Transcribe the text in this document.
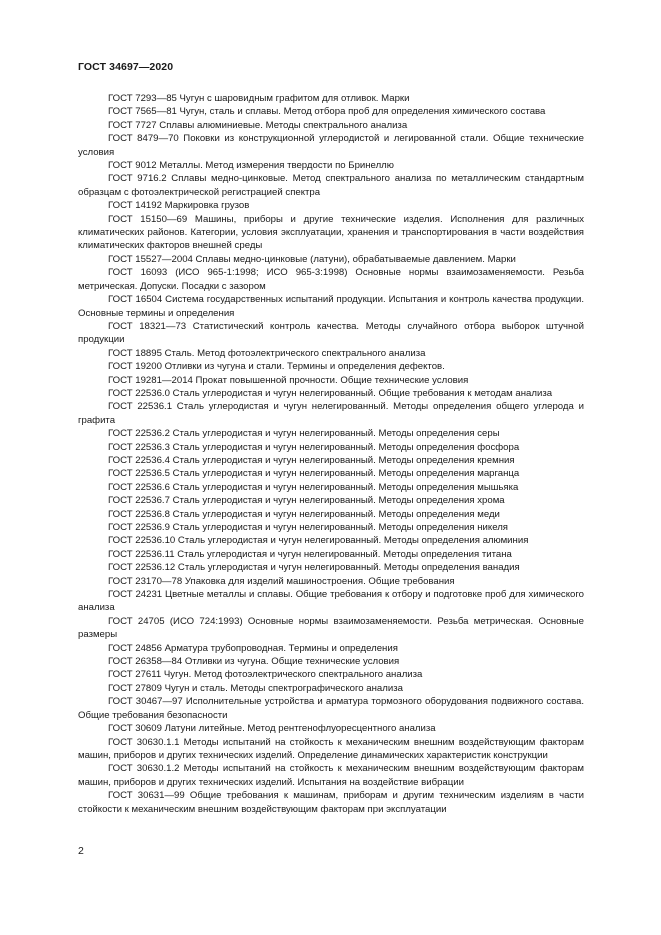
ГОСТ 34697—2020

ГОСТ 7293—85 Чугун с шаровидным графитом для отливок. Марки

ГОСТ 7565—81 Чугун, сталь и сплавы. Метод отбора проб для определения химического состава

ГОСТ 7727 Сплавы алюминиевые. Методы спектрального анализа

ГОСТ 8479—70 Поковки из конструкционной углеродистой и легированной стали. Общие технические условия

ГОСТ 9012 Металлы. Метод измерения твердости по Бринеллю

ГОСТ 9716.2 Сплавы медно-цинковые. Метод спектрального анализа по металлическим стандартным образцам с фотоэлектрической регистрацией спектра

ГОСТ 14192 Маркировка грузов

ГОСТ 15150—69 Машины, приборы и другие технические изделия. Исполнения для различных климатических районов. Категории, условия эксплуатации, хранения и транспортирования в части воздействия климатических факторов внешней среды

ГОСТ 15527—2004 Сплавы медно-цинковые (латуни), обрабатываемые давлением. Марки

ГОСТ 16093 (ИСО 965-1:1998; ИСО 965-3:1998) Основные нормы взаимозаменяемости. Резьба метрическая. Допуски. Посадки с зазором

ГОСТ 16504 Система государственных испытаний продукции. Испытания и контроль качества продукции. Основные термины и определения

ГОСТ 18321—73 Статистический контроль качества. Методы случайного отбора выборок штучной продукции

ГОСТ 18895 Сталь. Метод фотоэлектрического спектрального анализа

ГОСТ 19200 Отливки из чугуна и стали. Термины и определения дефектов.

ГОСТ 19281—2014 Прокат повышенной прочности. Общие технические условия

ГОСТ 22536.0 Сталь углеродистая и чугун нелегированный. Общие требования к методам анализа

ГОСТ 22536.1 Сталь углеродистая и чугун нелегированный. Методы определения общего углерода и графита

ГОСТ 22536.2 Сталь углеродистая и чугун нелегированный. Методы определения серы

ГОСТ 22536.3 Сталь углеродистая и чугун нелегированный. Методы определения фосфора

ГОСТ 22536.4 Сталь углеродистая и чугун нелегированный. Методы определения кремния

ГОСТ 22536.5 Сталь углеродистая и чугун нелегированный. Методы определения марганца

ГОСТ 22536.6 Сталь углеродистая и чугун нелегированный. Методы определения мышьяка

ГОСТ 22536.7 Сталь углеродистая и чугун нелегированный. Методы определения хрома

ГОСТ 22536.8 Сталь углеродистая и чугун нелегированный. Методы определения меди

ГОСТ 22536.9 Сталь углеродистая и чугун нелегированный. Методы определения никеля

ГОСТ 22536.10 Сталь углеродистая и чугун нелегированный. Методы определения алюминия

ГОСТ 22536.11 Сталь углеродистая и чугун нелегированный. Методы определения титана

ГОСТ 22536.12 Сталь углеродистая и чугун нелегированный. Методы определения ванадия

ГОСТ 23170—78 Упаковка для изделий машиностроения. Общие требования

ГОСТ 24231 Цветные металлы и сплавы. Общие требования к отбору и подготовке проб для химического анализа

ГОСТ 24705 (ИСО 724:1993) Основные нормы взаимозаменяемости. Резьба метрическая. Основные размеры

ГОСТ 24856 Арматура трубопроводная. Термины и определения

ГОСТ 26358—84 Отливки из чугуна. Общие технические условия

ГОСТ 27611 Чугун. Метод фотоэлектрического спектрального анализа

ГОСТ 27809 Чугун и сталь. Методы спектрографического анализа

ГОСТ 30467—97 Исполнительные устройства и арматура тормозного оборудования подвижного состава. Общие требования безопасности

ГОСТ 30609 Латуни литейные. Метод рентгенофлуоресцентного анализа

ГОСТ 30630.1.1 Методы испытаний на стойкость к механическим внешним воздействующим факторам машин, приборов и других технических изделий. Определение динамических характеристик конструкции

ГОСТ 30630.1.2 Методы испытаний на стойкость к механическим внешним воздействующим факторам машин, приборов и других технических изделий. Испытания на воздействие вибрации

ГОСТ 30631—99 Общие требования к машинам, приборам и другим техническим изделиям в части стойкости к механическим внешним воздействующим факторам при эксплуатации

2
